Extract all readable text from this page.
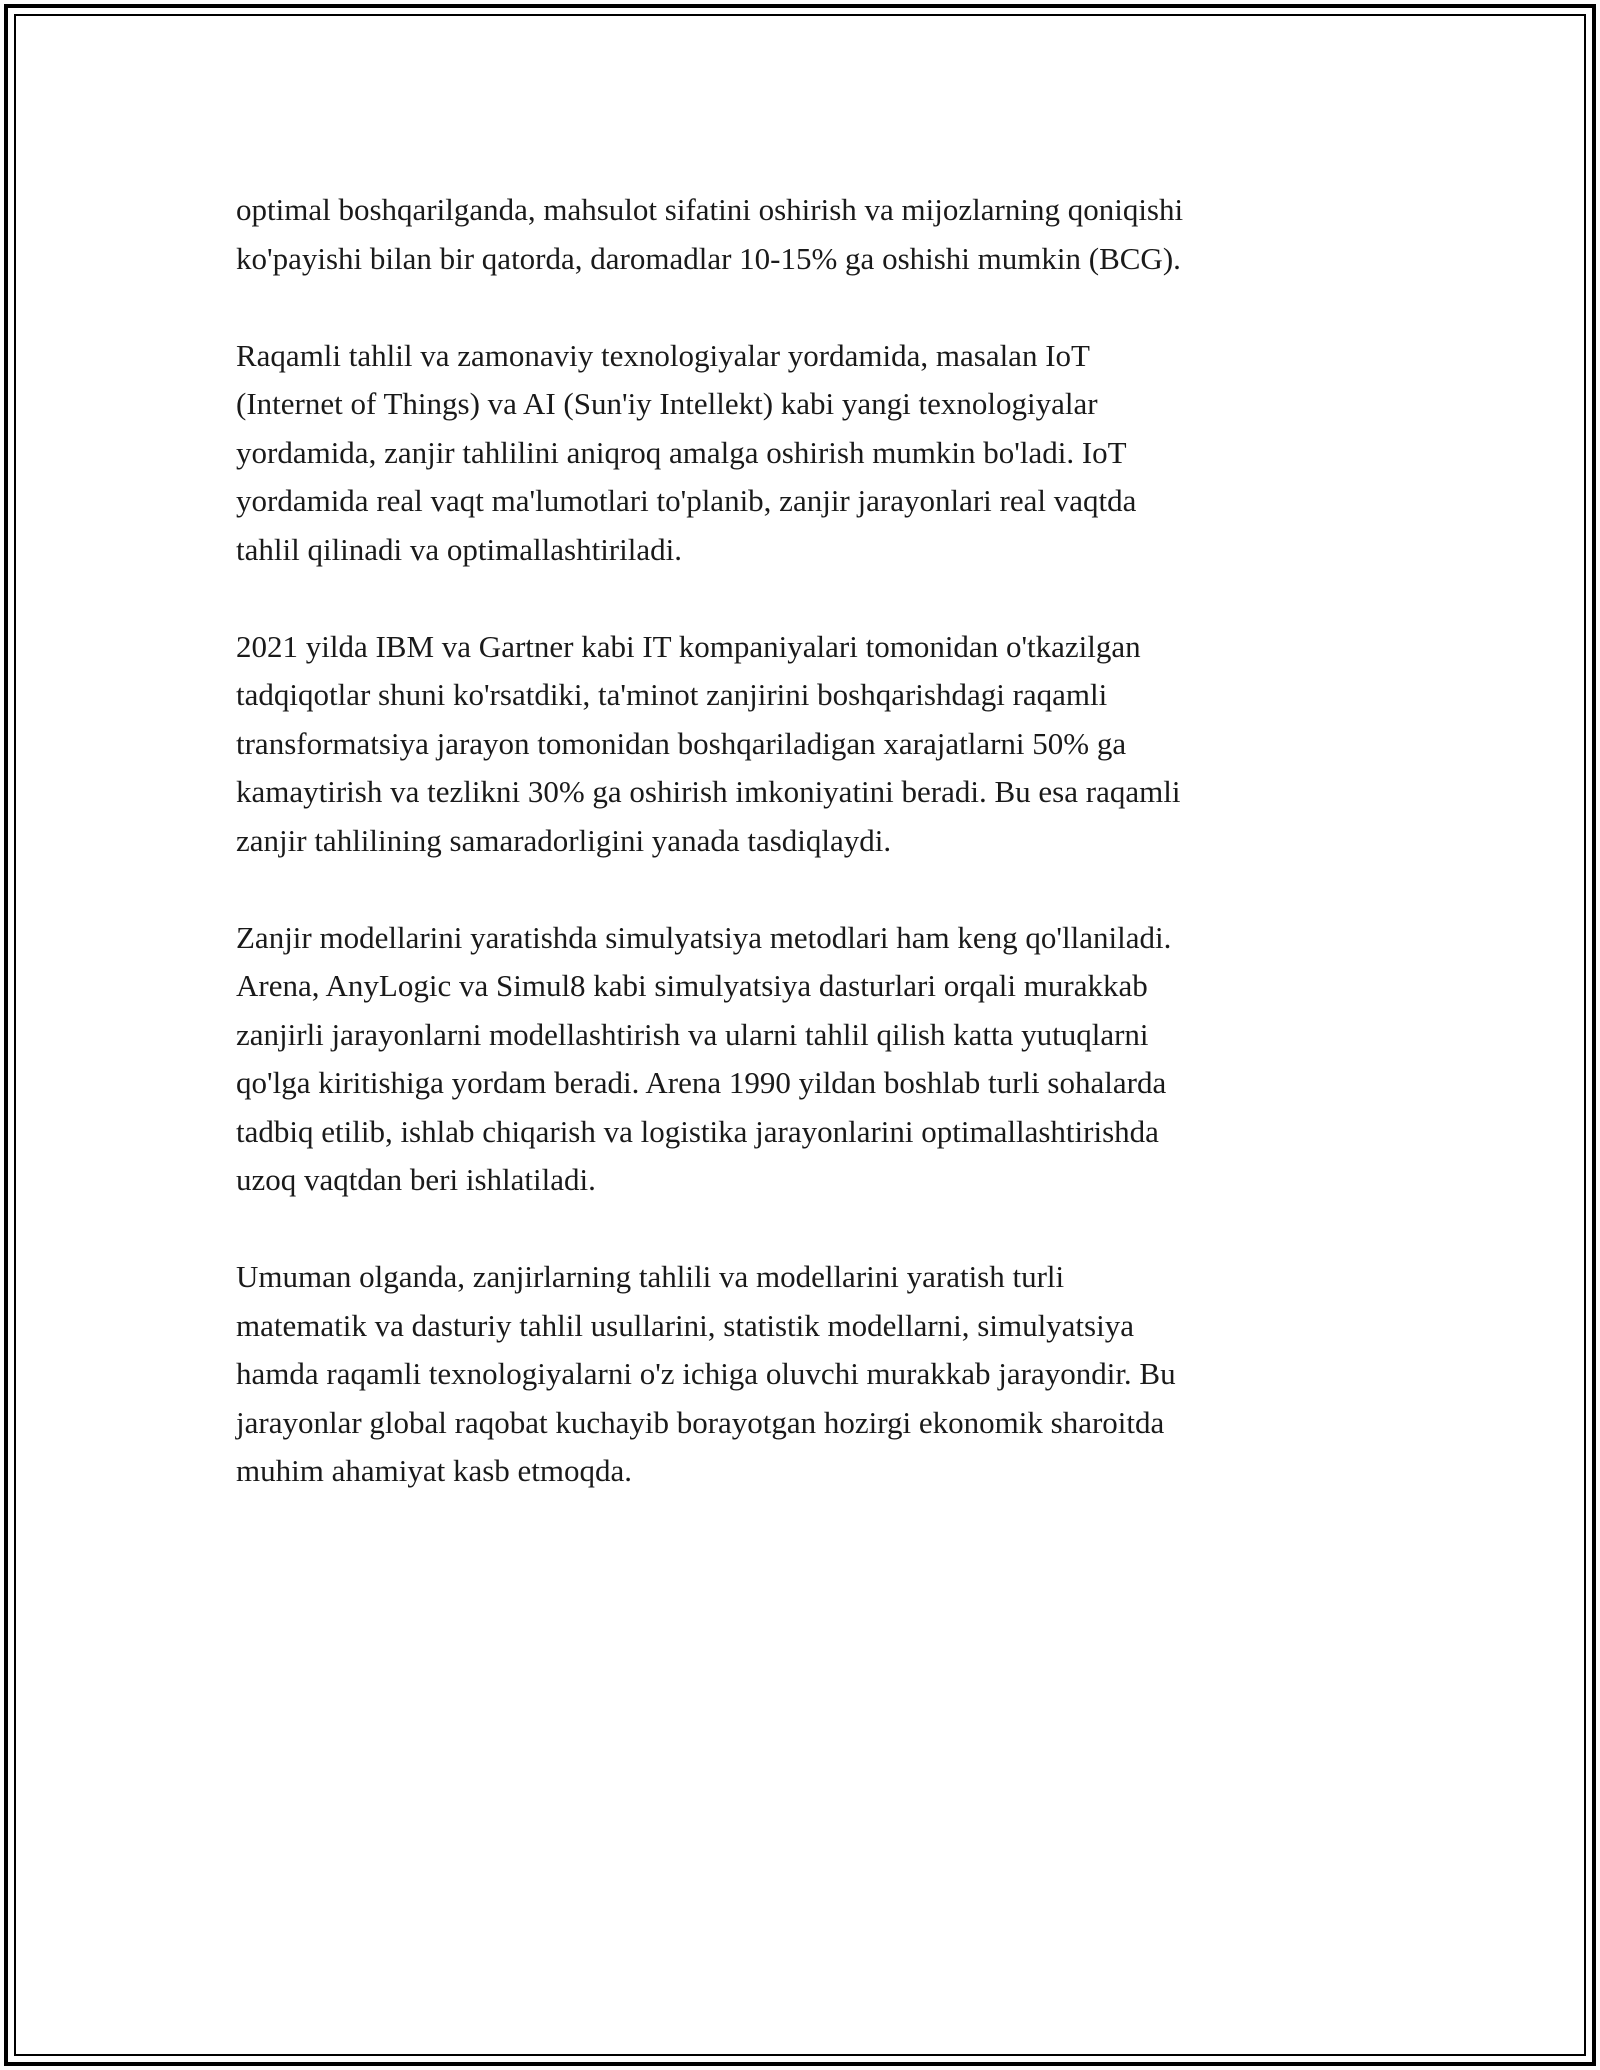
optimal boshqarilganda, mahsulot sifatini oshirish va mijozlarning qoniqishi
ko'payishi bilan bir qatorda, daromadlar 10-15% ga oshishi mumkin (BCG).

Raqamli tahlil va zamonaviy texnologiyalar yordamida, masalan IoT
(Internet of Things) va AI (Sun'iy Intellekt) kabi yangi texnologiyalar
yordamida, zanjir tahlilini aniqroq amalga oshirish mumkin bo'ladi. IoT
yordamida real vaqt ma'lumotlari to'planib, zanjir jarayonlari real vaqtda
tahlil qilinadi va optimallashtiriladi.

2021 yilda IBM va Gartner kabi IT kompaniyalari tomonidan o'tkazilgan
tadqiqotlar shuni ko'rsatdiki, ta'minot zanjirini boshqarishdagi raqamli
transformatsiya jarayon tomonidan boshqariladigan xarajatlarni 50% ga
kamaytirish va tezlikni 30% ga oshirish imkoniyatini beradi. Bu esa raqamli
zanjir tahlilining samaradorligini yanada tasdiqlaydi.

Zanjir modellarini yaratishda simulyatsiya metodlari ham keng qo'llaniladi.
Arena, AnyLogic va Simul8 kabi simulyatsiya dasturlari orqali murakkab
zanjirli jarayonlarni modellashtirish va ularni tahlil qilish katta yutuqlarni
qo'lga kiritishiga yordam beradi. Arena 1990 yildan boshlab turli sohalarda
tadbiq etilib, ishlab chiqarish va logistika jarayonlarini optimallashtirishda
uzoq vaqtdan beri ishlatiladi.

Umuman olganda, zanjirlarning tahlili va modellarini yaratish turli
matematik va dasturiy tahlil usullarini, statistik modellarni, simulyatsiya
hamda raqamli texnologiyalarni o'z ichiga oluvchi murakkab jarayondir. Bu
jarayonlar global raqobat kuchayib borayotgan hozirgi ekonomik sharoitda
muhim ahamiyat kasb etmoqda.
